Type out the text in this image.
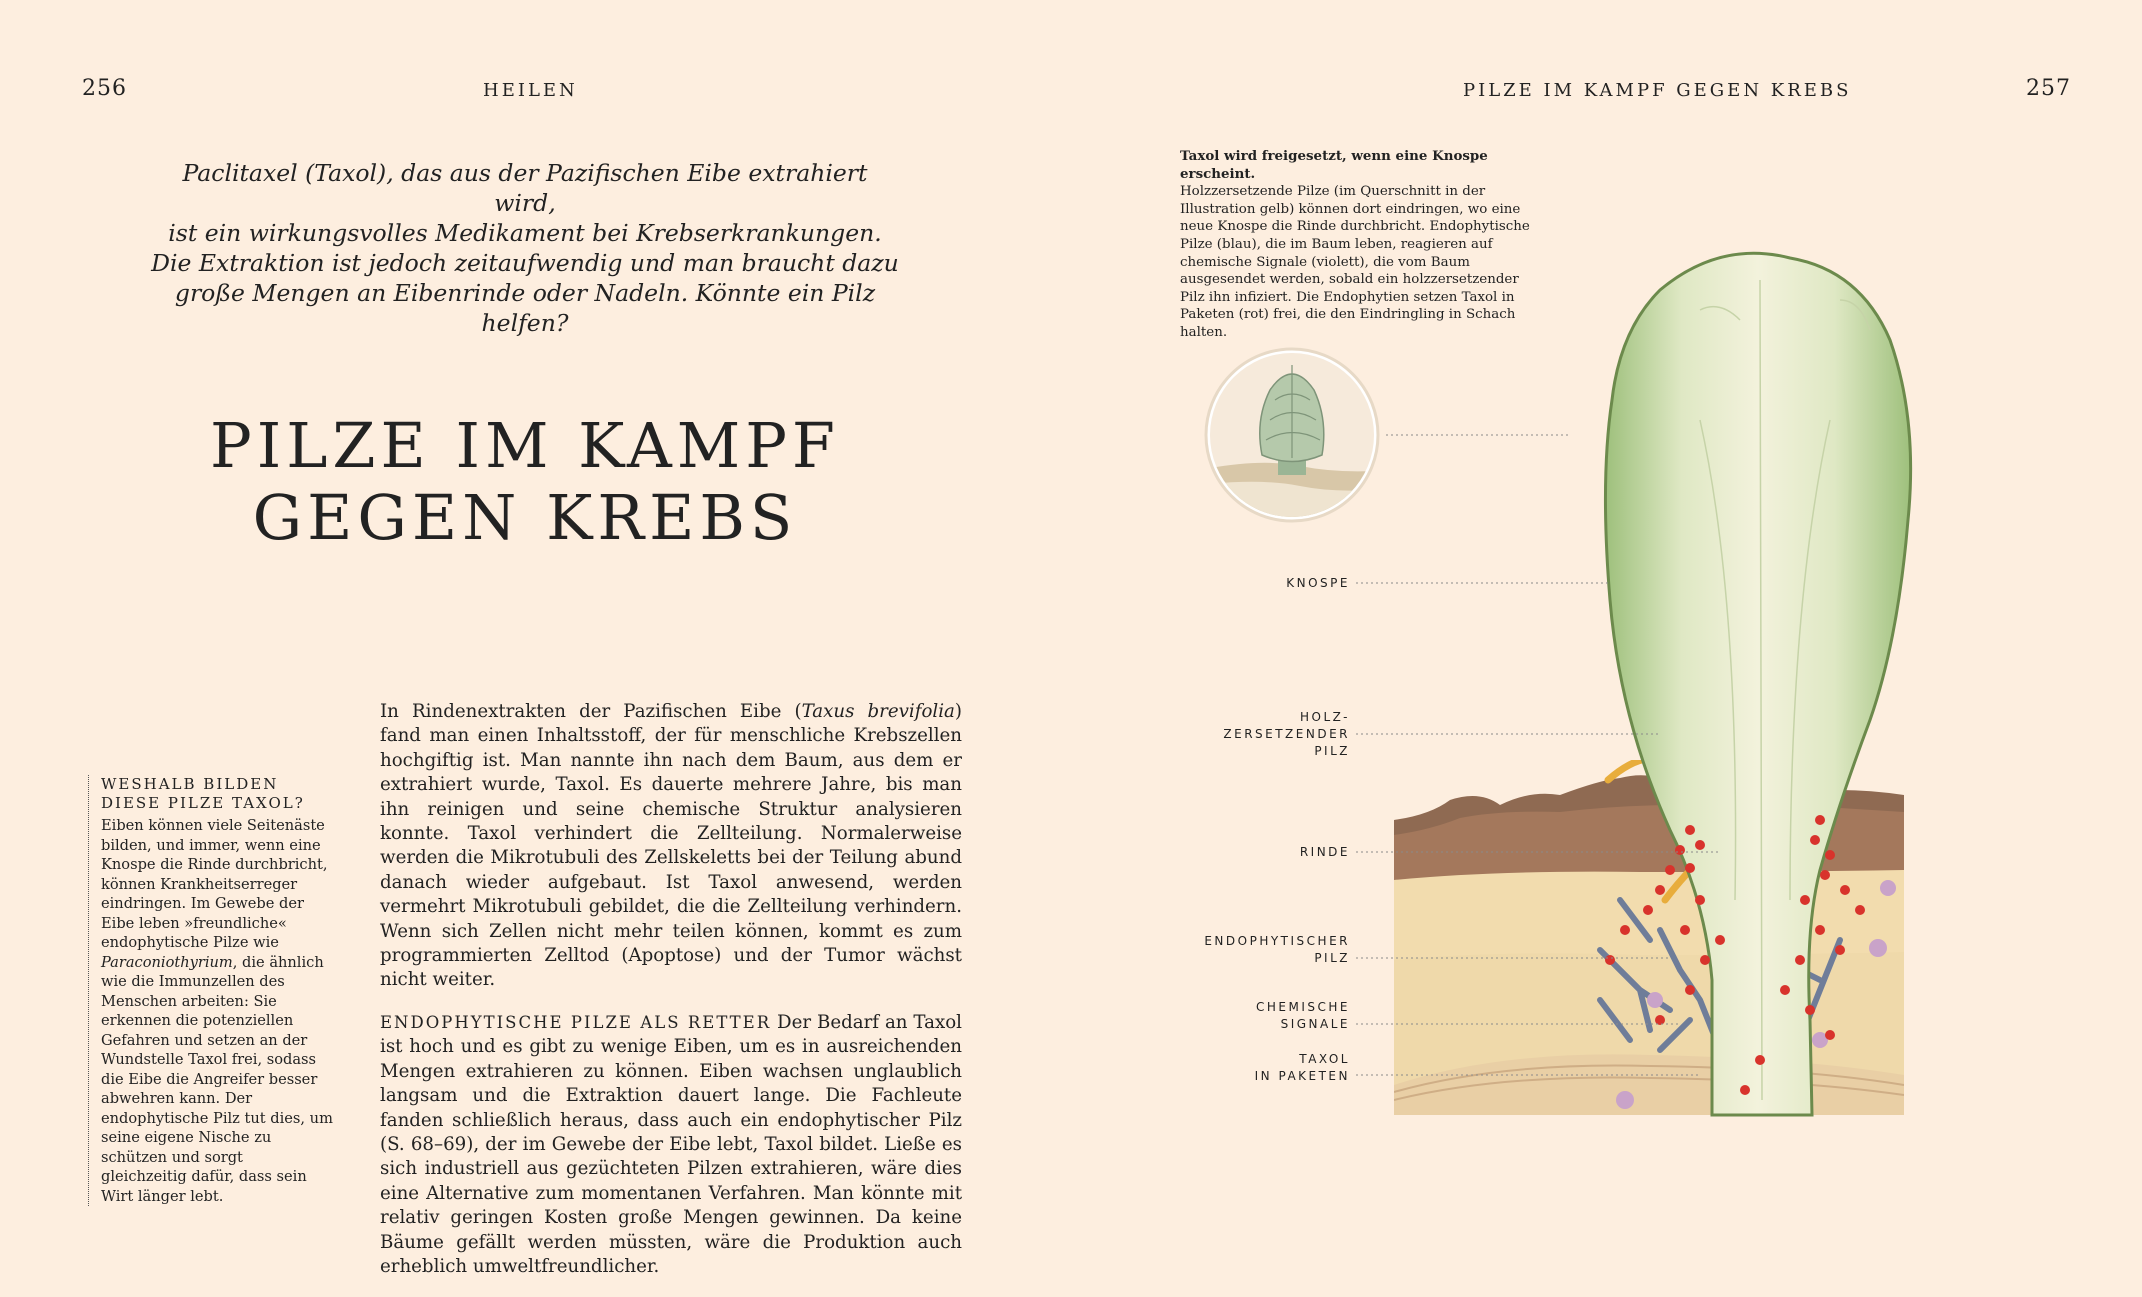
256	HEILEN
Paclitaxel (Taxol), das aus der Pazifischen Eibe extrahiert wird,
ist ein wirkungsvolles Medikament bei Krebserkrankungen.
Die Extraktion ist jedoch zeitaufwendig und man braucht dazu
große Mengen an Eibenrinde oder Nadeln. Könnte ein Pilz helfen?
PILZE IM KAMPF
GEGEN KREBS
WESHALB BILDEN
DIESE PILZE TAXOL?
Eiben können viele Seitenäste bilden, und immer, wenn eine Knospe die Rinde durchbricht, können Krankheitserreger eindringen. Im Gewebe der Eibe leben »freundliche« endophytische Pilze wie Paraconiothyrium, die ähnlich wie die Immunzellen des Menschen arbeiten: Sie erkennen die potenziellen Gefahren und setzen an der Wundstelle Taxol frei, sodass die Eibe die Angreifer besser abwehren kann. Der endophytische Pilz tut dies, um seine eigene Nische zu schützen und sorgt gleichzeitig dafür, dass sein Wirt länger lebt.

In Rindenextrakten der Pazifischen Eibe (Taxus brevifolia) fand man einen Inhaltsstoff, der für menschliche Krebszellen hochgiftig ist. Man nannte ihn nach dem Baum, aus dem er extrahiert wurde, Taxol. Es dauerte mehrere Jahre, bis man ihn reinigen und seine chemische Struktur analysieren konnte. Taxol verhindert die Zellteilung. Normalerweise werden die Mikrotubuli des Zellskeletts bei der Teilung abund danach wieder aufgebaut. Ist Taxol anwesend, werden vermehrt Mikrotubuli gebildet, die die Zellteilung verhindern. Wenn sich Zellen nicht mehr teilen können, kommt es zum programmierten Zelltod (Apoptose) und der Tumor wächst nicht weiter.

ENDOPHYTISCHE PILZE ALS RETTER Der Bedarf an Taxol ist hoch und es gibt zu wenige Eiben, um es in ausreichenden Mengen extrahieren zu können. Eiben wachsen unglaublich langsam und die Extraktion dauert lange. Die Fachleute fanden schließlich heraus, dass auch ein endophytischer Pilz (S. 68–69), der im Gewebe der Eibe lebt, Taxol bildet. Ließe es sich industriell aus gezüchteten Pilzen extrahieren, wäre dies eine Alternative zum momentanen Verfahren. Man könnte mit relativ geringen Kosten große Mengen gewinnen. Da keine Bäume gefällt werden müssten, wäre die Produktion auch erheblich umweltfreundlicher.

PILZE IM KAMPF GEGEN KREBS	257
Taxol wird freigesetzt, wenn eine Knospe erscheint.
Holzzersetzende Pilze (im Querschnitt in der Illustration gelb) können dort eindringen, wo eine neue Knospe die Rinde durchbricht. Endophytische Pilze (blau), die im Baum leben, reagieren auf chemische Signale (violett), die vom Baum ausgesendet werden, sobald ein holzzersetzender Pilz ihn infiziert. Die Endophytien setzen Taxol in Paketen (rot) frei, die den Eindringling in Schach halten.
KNOSPE
HOLZ-
ZERSETZENDER
PILZ
RINDE
ENDOPHYTISCHER
PILZ
CHEMISCHE
SIGNALE
TAXOL
IN PAKETEN
